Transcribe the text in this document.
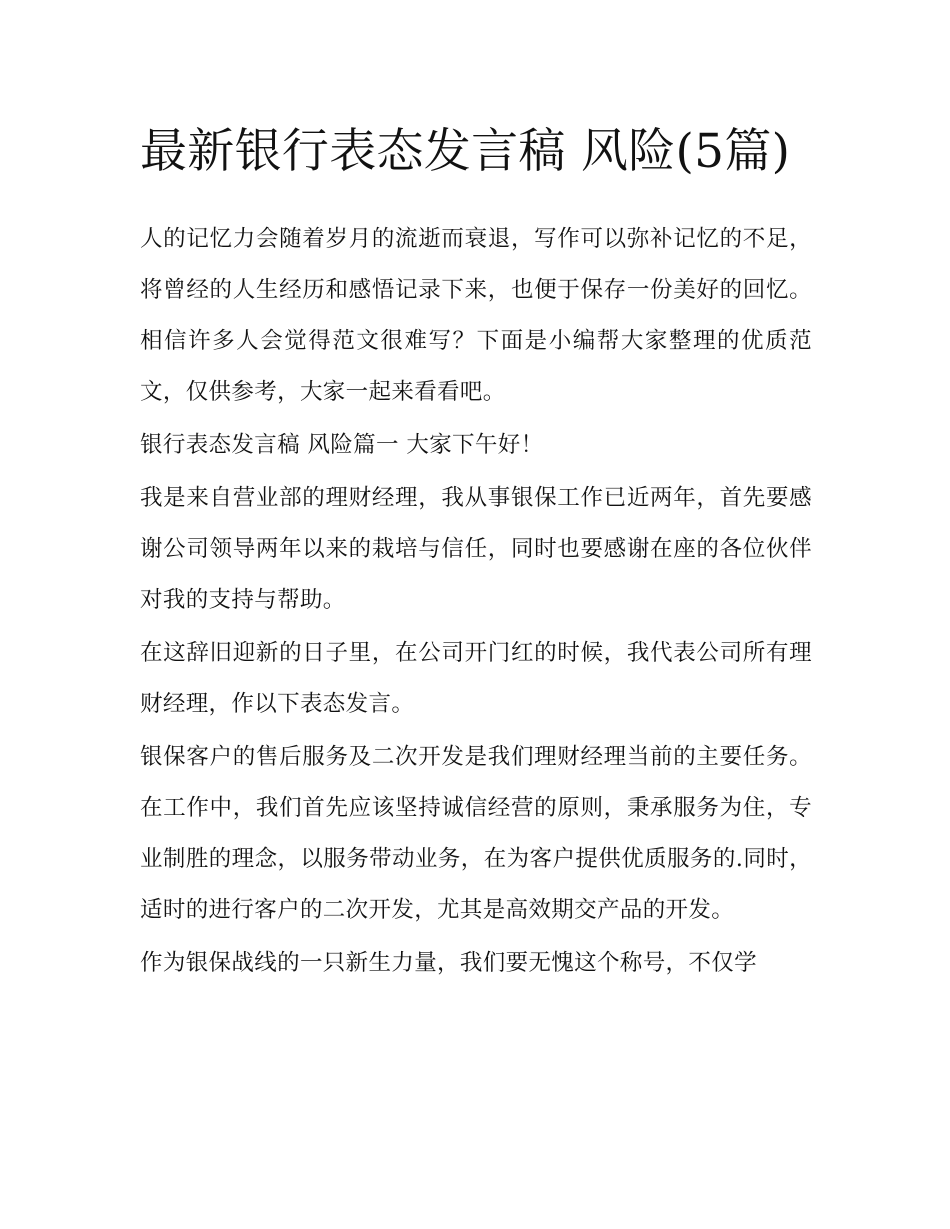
最新银行表态发言稿 风险(5篇)

人的记忆力会随着岁月的流逝而衰退，写作可以弥补记忆的不足，将曾经的人生经历和感悟记录下来，也便于保存一份美好的回忆。相信许多人会觉得范文很难写？下面是小编帮大家整理的优质范文，仅供参考，大家一起来看看吧。

银行表态发言稿 风险篇一 大家下午好！

我是来自营业部的理财经理，我从事银保工作已近两年，首先要感谢公司领导两年以来的栽培与信任，同时也要感谢在座的各位伙伴对我的支持与帮助。

在这辞旧迎新的日子里，在公司开门红的时候，我代表公司所有理财经理，作以下表态发言。

银保客户的售后服务及二次开发是我们理财经理当前的主要任务。在工作中，我们首先应该坚持诚信经营的原则，秉承服务为住，专业制胜的理念，以服务带动业务，在为客户提供优质服务的.同时，适时的进行客户的二次开发，尤其是高效期交产品的开发。

作为银保战线的一只新生力量，我们要无愧这个称号，不仅学
